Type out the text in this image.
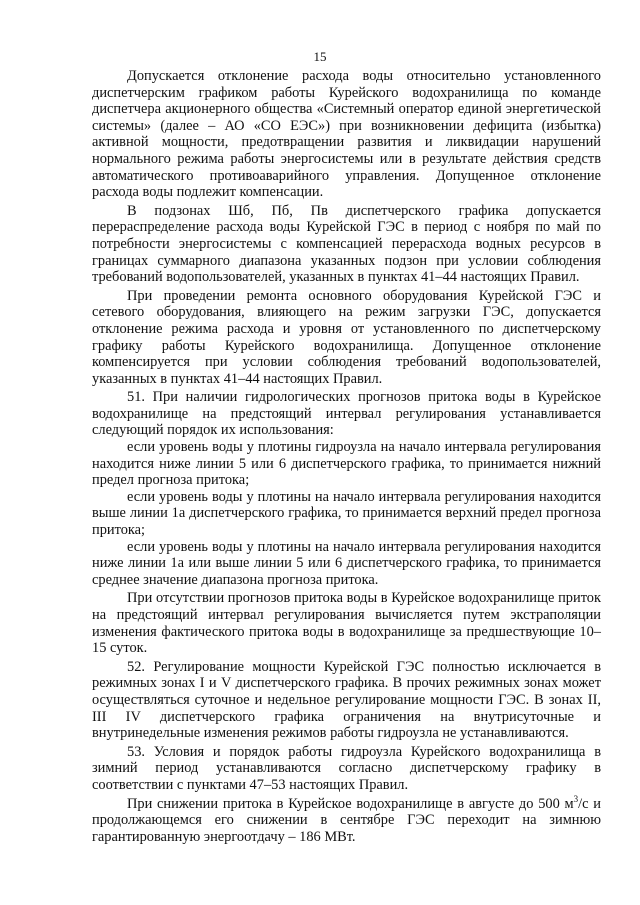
15

Допускается отклонение расхода воды относительно установленного диспетчерским графиком работы Курейского водохранилища по команде диспетчера акционерного общества «Системный оператор единой энергетической системы» (далее – АО «СО ЕЭС») при возникновении дефицита (избытка) активной мощности, предотвращении развития и ликвидации нарушений нормального режима работы энергосистемы или в результате действия средств автоматического противоаварийного управления. Допущенное отклонение расхода воды подлежит компенсации.

В подзонах Шб, Пб, Пв диспетчерского графика допускается перераспределение расхода воды Курейской ГЭС в период с ноября по май по потребности энергосистемы с компенсацией перерасхода водных ресурсов в границах суммарного диапазона указанных подзон при условии соблюдения требований водопользователей, указанных в пунктах 41–44 настоящих Правил.

При проведении ремонта основного оборудования Курейской ГЭС и сетевого оборудования, влияющего на режим загрузки ГЭС, допускается отклонение режима расхода и уровня от установленного по диспетчерскому графику работы Курейского водохранилища. Допущенное отклонение компенсируется при условии соблюдения требований водопользователей, указанных в пунктах 41–44 настоящих Правил.

51. При наличии гидрологических прогнозов притока воды в Курейское водохранилище на предстоящий интервал регулирования устанавливается следующий порядок их использования:

если уровень воды у плотины гидроузла на начало интервала регулирования находится ниже линии 5 или 6 диспетчерского графика, то принимается нижний предел прогноза притока;

если уровень воды у плотины на начало интервала регулирования находится выше линии 1а диспетчерского графика, то принимается верхний предел прогноза притока;

если уровень воды у плотины на начало интервала регулирования находится ниже линии 1а или выше линии 5 или 6 диспетчерского графика, то принимается среднее значение диапазона прогноза притока.

При отсутствии прогнозов притока воды в Курейское водохранилище приток на предстоящий интервал регулирования вычисляется путем экстраполяции изменения фактического притока воды в водохранилище за предшествующие 10–15 суток.

52. Регулирование мощности Курейской ГЭС полностью исключается в режимных зонах I и V диспетчерского графика. В прочих режимных зонах может осуществляться суточное и недельное регулирование мощности ГЭС. В зонах II, III IV диспетчерского графика ограничения на внутрисуточные и внутринедельные изменения режимов работы гидроузла не устанавливаются.

53. Условия и порядок работы гидроузла Курейского водохранилища в зимний период устанавливаются согласно диспетчерскому графику в соответствии с пунктами 47–53 настоящих Правил.

При снижении притока в Курейское водохранилище в августе до 500 $м^3/с$ и продолжающемся его снижении в сентябре ГЭС переходит на зимнюю гарантированную энергоотдачу – 186 МВт.
